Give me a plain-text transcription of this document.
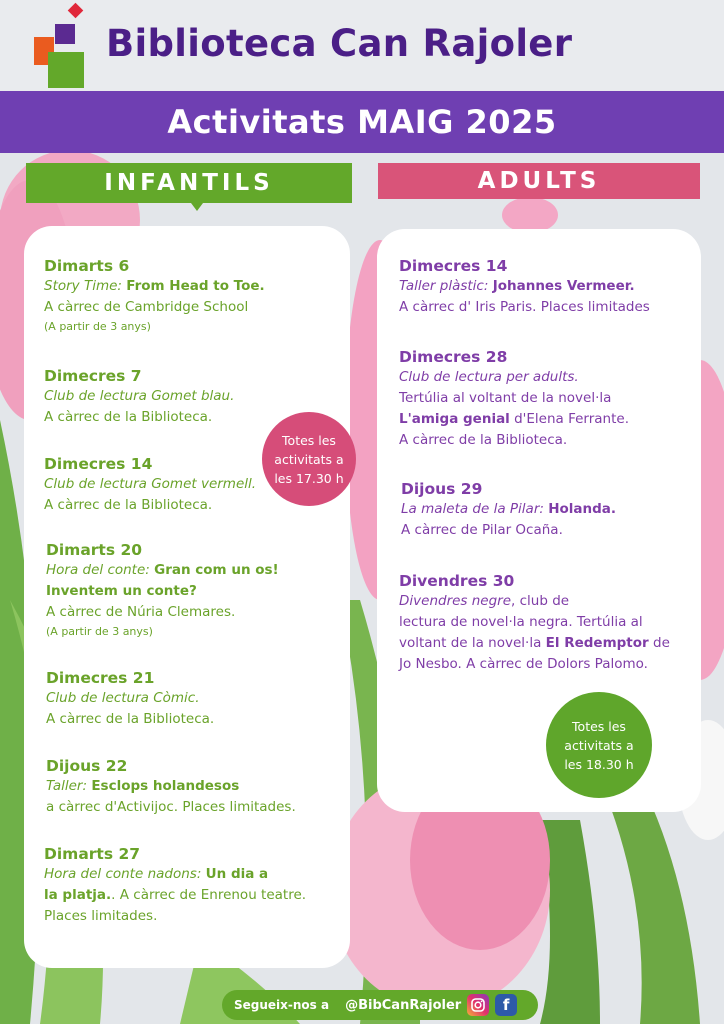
Biblioteca Can Rajoler
Activitats MAIG 2025
INFANTILS	ADULTS
Dimarts 6
Story Time: From Head to Toe.
A càrrec de Cambridge School
(A partir de 3 anys)
Dimecres 7
Club de lectura Gomet blau.
A càrrec de la Biblioteca.
Dimecres 14
Club de lectura Gomet vermell.
A càrrec de la Biblioteca.
Dimarts 20
Hora del conte: Gran com un os!
Inventem un conte?
A càrrec de Núria Clemares.
(A partir de 3 anys)
Dimecres 21
Club de lectura Còmic.
A càrrec de la Biblioteca.
Dijous 22
Taller: Esclops holandesos
a càrrec d'Activijoc. Places limitades.
Dimarts 27
Hora del conte nadons: Un dia a
la platja.. A càrrec de Enrenou teatre.
Places limitades.
Dimecres 14
Taller plàstic: Johannes Vermeer.
A càrrec d' Iris Paris. Places limitades
Dimecres 28
Club de lectura per adults.
Tertúlia al voltant de la novel·la
L'amiga genial d'Elena Ferrante.
A càrrec de la Biblioteca.
Dijous 29
La maleta de la Pilar: Holanda.
A càrrec de Pilar Ocaña.
Divendres 30
Divendres negre, club de
lectura de novel·la negra. Tertúlia al
voltant de la novel·la El Redemptor de
Jo Nesbo. A càrrec de Dolors Palomo.
Totes les
activitats a
les 17.30 h
Totes les
activitats a
les 18.30 h
Segueix-nos a @BibCanRajoler	f
